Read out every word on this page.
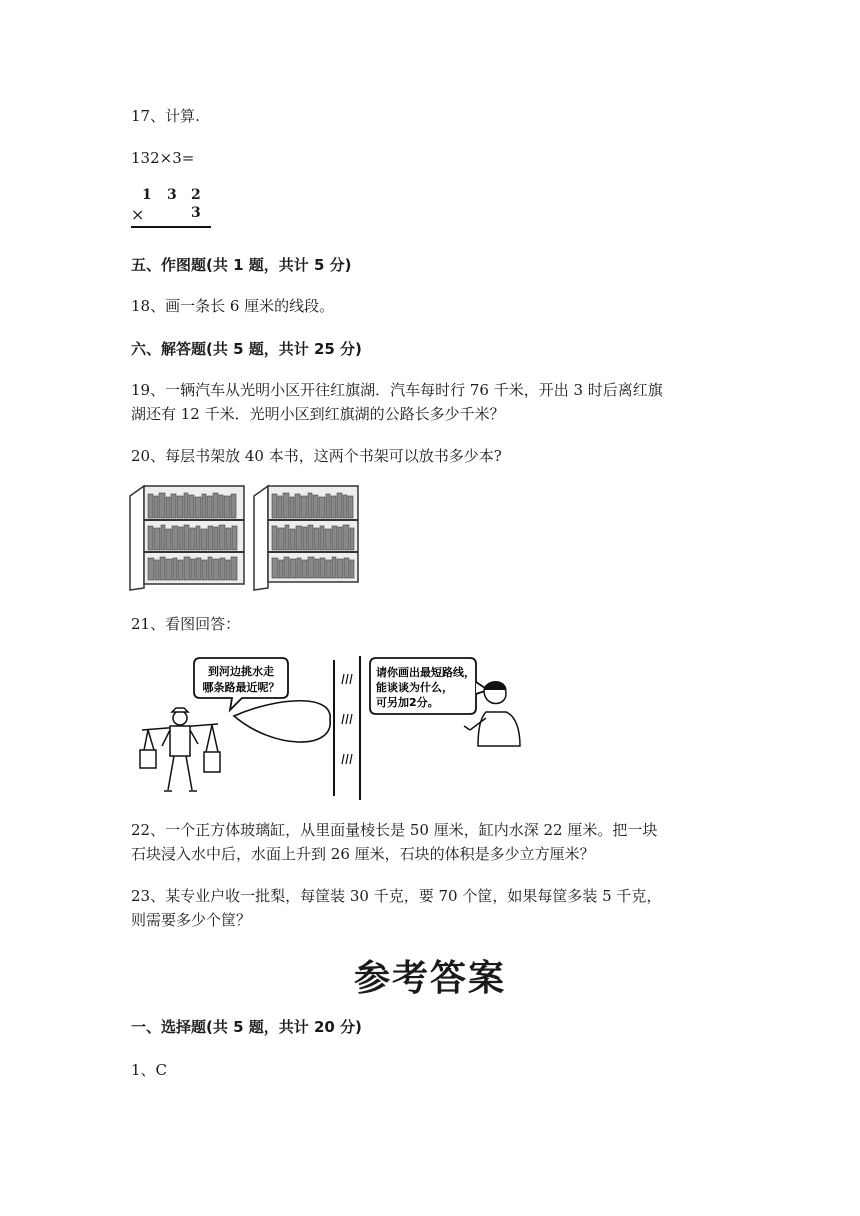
17、计算.
132×3=
1 3 2
×	3
五、作图题(共 1 题，共计 5 分)
18、画一条长 6 厘米的线段。
六、解答题(共 5 题，共计 25 分)
19、一辆汽车从光明小区开往红旗湖．汽车每时行 76 千米，开出 3 时后离红旗
湖还有 12 千米．光明小区到红旗湖的公路长多少千米？
20、每层书架放 40 本书，这两个书架可以放书多少本?
21、看图回答：
到河边挑水走
哪条路最近呢？
请你画出最短路线，
能谈谈为什么，
可另加2分。
22、一个正方体玻璃缸，从里面量棱长是 50 厘米，缸内水深 22 厘米。把一块
石块浸入水中后，水面上升到 26 厘米，石块的体积是多少立方厘米？
23、某专业户收一批梨，每筐装 30 千克，要 70 个筐，如果每筐多装 5 千克，
则需要多少个筐？
参考答案
一、选择题(共 5 题，共计 20 分)
1、C
